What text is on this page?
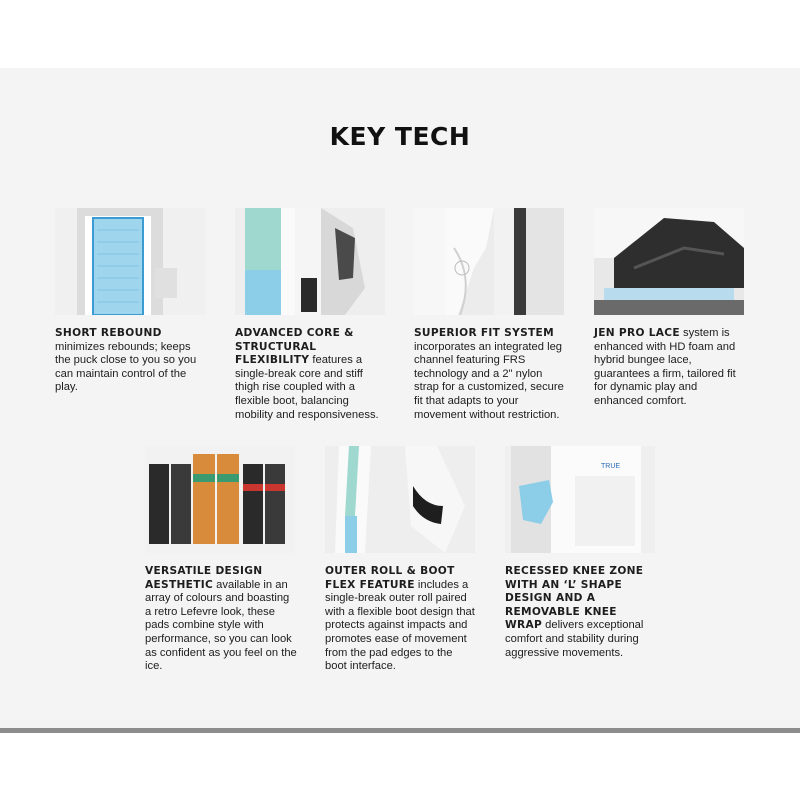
KEY TECH
SHORT REBOUND minimizes rebounds; keeps the puck close to you so you can maintain control of the play.
ADVANCED CORE & STRUCTURAL FLEXIBILITY features a single-break core and stiff thigh rise coupled with a flexible boot, balancing mobility and responsiveness.
SUPERIOR FIT SYSTEM incorporates an integrated leg channel featuring FRS technology and a 2" nylon strap for a customized, secure fit that adapts to your movement without restriction.
JEN PRO LACE system is enhanced with HD foam and hybrid bungee lace, guarantees a firm, tailored fit for dynamic play and enhanced comfort.
VERSATILE DESIGN AESTHETIC available in an array of colours and boasting a retro Lefevre look, these pads combine style with performance, so you can look as confident as you feel on the ice.
OUTER ROLL & BOOT FLEX FEATURE includes a single-break outer roll paired with a flexible boot design that protects against impacts and promotes ease of movement from the pad edges to the boot interface.
TRUE
RECESSED KNEE ZONE WITH AN ‘L’ SHAPE DESIGN AND A REMOVABLE KNEE WRAP delivers exceptional comfort and stability during aggressive movements.
